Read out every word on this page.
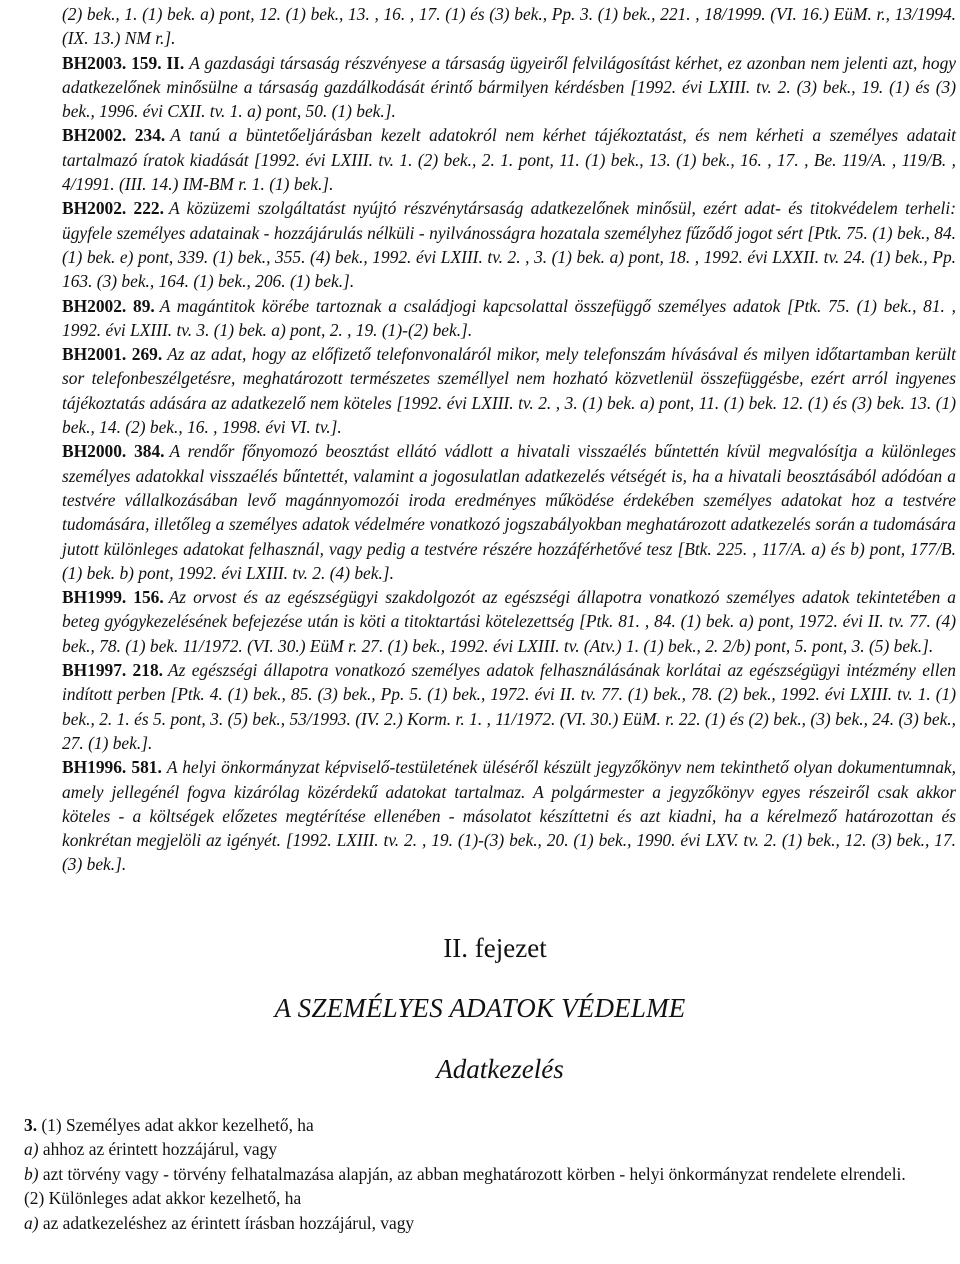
(2) bek., 1. (1) bek. a) pont, 12. (1) bek., 13. , 16. , 17. (1) és (3) bek., Pp. 3. (1) bek., 221. , 18/1999. (VI. 16.) EüM. r., 13/1994. (IX. 13.) NM r.].

BH2003. 159. II. A gazdasági társaság részvényese a társaság ügyeiről felvilágosítást kérhet, ez azonban nem jelenti azt, hogy adatkezelőnek minősülne a társaság gazdálkodását érintő bármilyen kérdésben [1992. évi LXIII. tv. 2. (3) bek., 19. (1) és (3) bek., 1996. évi CXII. tv. 1. a) pont, 50. (1) bek.].

BH2002. 234. A tanú a büntetőeljárásban kezelt adatokról nem kérhet tájékoztatást, és nem kérheti a személyes adatait tartalmazó íratok kiadását [1992. évi LXIII. tv. 1. (2) bek., 2. 1. pont, 11. (1) bek., 13. (1) bek., 16. , 17. , Be. 119/A. , 119/B. , 4/1991. (III. 14.) IM-BM r. 1. (1) bek.].

BH2002. 222. A közüzemi szolgáltatást nyújtó részvénytársaság adatkezelőnek minősül, ezért adat- és titokvédelem terheli: ügyfele személyes adatainak - hozzájárulás nélküli - nyilvánosságra hozatala személyhez fűződő jogot sért [Ptk. 75. (1) bek., 84. (1) bek. e) pont, 339. (1) bek., 355. (4) bek., 1992. évi LXIII. tv. 2. , 3. (1) bek. a) pont, 18. , 1992. évi LXXII. tv. 24. (1) bek., Pp. 163. (3) bek., 164. (1) bek., 206. (1) bek.].

BH2002. 89. A magántitok körébe tartoznak a családjogi kapcsolattal összefüggő személyes adatok [Ptk. 75. (1) bek., 81. , 1992. évi LXIII. tv. 3. (1) bek. a) pont, 2. , 19. (1)-(2) bek.].

BH2001. 269. Az az adat, hogy az előfizető telefonvonaláról mikor, mely telefonszám hívásával és milyen időtartamban került sor telefonbeszélgetésre, meghatározott természetes személlyel nem hozható közvetlenül összefüggésbe, ezért arról ingyenes tájékoztatás adására az adatkezelő nem köteles [1992. évi LXIII. tv. 2. , 3. (1) bek. a) pont, 11. (1) bek. 12. (1) és (3) bek. 13. (1) bek., 14. (2) bek., 16. , 1998. évi VI. tv.].

BH2000. 384. A rendőr főnyomozó beosztást ellátó vádlott a hivatali visszaélés bűntettén kívül megvalósítja a különleges személyes adatokkal visszaélés bűntettét, valamint a jogosulatlan adatkezelés vétségét is, ha a hivatali beosztásából adódóan a testvére vállalkozásában levő magánnyomozói iroda eredményes működése érdekében személyes adatokat hoz a testvére tudomására, illetőleg a személyes adatok védelmére vonatkozó jogszabályokban meghatározott adatkezelés során a tudomására jutott különleges adatokat felhasznál, vagy pedig a testvére részére hozzáférhetővé tesz [Btk. 225. , 117/A. a) és b) pont, 177/B. (1) bek. b) pont, 1992. évi LXIII. tv. 2. (4) bek.].

BH1999. 156. Az orvost és az egészségügyi szakdolgozót az egészségi állapotra vonatkozó személyes adatok tekintetében a beteg gyógykezelésének befejezése után is köti a titoktartási kötelezettség [Ptk. 81. , 84. (1) bek. a) pont, 1972. évi II. tv. 77. (4) bek., 78. (1) bek. 11/1972. (VI. 30.) EüM r. 27. (1) bek., 1992. évi LXIII. tv. (Atv.) 1. (1) bek., 2. 2/b) pont, 5. pont, 3. (5) bek.].

BH1997. 218. Az egészségi állapotra vonatkozó személyes adatok felhasználásának korlátai az egészségügyi intézmény ellen indított perben [Ptk. 4. (1) bek., 85. (3) bek., Pp. 5. (1) bek., 1972. évi II. tv. 77. (1) bek., 78. (2) bek., 1992. évi LXIII. tv. 1. (1) bek., 2. 1. és 5. pont, 3. (5) bek., 53/1993. (IV. 2.) Korm. r. 1. , 11/1972. (VI. 30.) EüM. r. 22. (1) és (2) bek., (3) bek., 24. (3) bek., 27. (1) bek.].

BH1996. 581. A helyi önkormányzat képviselő-testületének üléséről készült jegyzőkönyv nem tekinthető olyan dokumentumnak, amely jellegénél fogva kizárólag közérdekű adatokat tartalmaz. A polgármester a jegyzőkönyv egyes részeiről csak akkor köteles - a költségek előzetes megtérítése ellenében - másolatot készíttetni és azt kiadni, ha a kérelmező határozottan és konkrétan megjelöli az igényét. [1992. LXIII. tv. 2. , 19. (1)-(3) bek., 20. (1) bek., 1990. évi LXV. tv. 2. (1) bek., 12. (3) bek., 17. (3) bek.].

II. fejezet
A SZEMÉLYES ADATOK VÉDELME
Adatkezelés

3. (1) Személyes adat akkor kezelhető, ha

a) ahhoz az érintett hozzájárul, vagy

b) azt törvény vagy - törvény felhatalmazása alapján, az abban meghatározott körben - helyi önkormányzat rendelete elrendeli.

(2) Különleges adat akkor kezelhető, ha

a) az adatkezeléshez az érintett írásban hozzájárul, vagy
